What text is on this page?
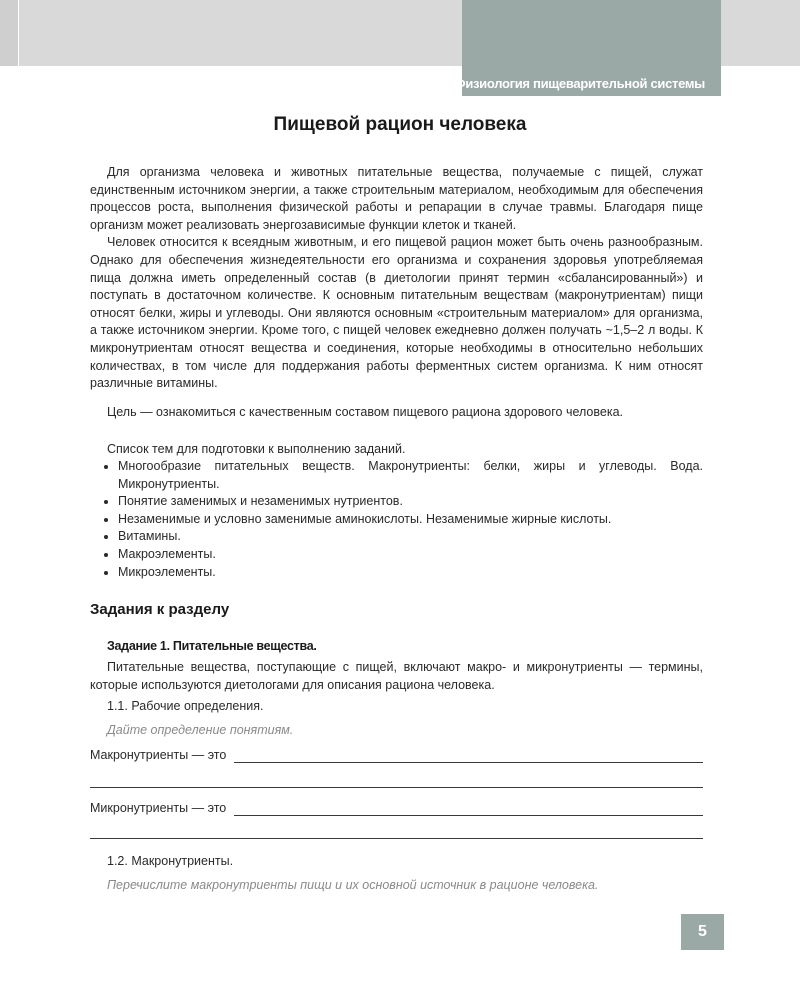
Физиология пищеварительной системы
Пищевой рацион человека

Для организма человека и животных питательные вещества, получаемые с пищей, служат единственным источником энергии, а также строительным материалом, необходимым для обеспечения процессов роста, выполнения физической работы и репарации в случае травмы. Благодаря пище организм может реализовать энергозависимые функции клеток и тканей.

Человек относится к всеядным животным, и его пищевой рацион может быть очень разнообразным. Однако для обеспечения жизнедеятельности его организма и сохранения здоровья употребляемая пища должна иметь определенный состав (в диетологии принят термин «сбалансированный») и поступать в достаточном количестве. К основным питательным веществам (макронутриентам) пищи относят белки, жиры и углеводы. Они являются основным «строительным материалом» для организма, а также источником энергии. Кроме того, с пищей человек ежедневно должен получать ~1,5–2 л воды. К микронутриентам относят вещества и соединения, которые необходимы в относительно небольших количествах, в том числе для поддержания работы ферментных систем организма. К ним относят различные витамины.

Цель — ознакомиться с качественным составом пищевого рациона здорового человека.

Список тем для подготовки к выполнению заданий.

• Многообразие питательных веществ. Макронутриенты: белки, жиры и углеводы. Вода. Микронутриенты.
• Понятие заменимых и незаменимых нутриентов.
• Незаменимые и условно заменимые аминокислоты. Незаменимые жирные кислоты.
• Витамины.
• Макроэлементы.
• Микроэлементы.
Задания к разделу
Задание 1. Питательные вещества.

Питательные вещества, поступающие с пищей, включают макро- и микронутриенты — термины, которые используются диетологами для описания рациона человека.

1.1. Рабочие определения.
Дайте определение понятиям.
Макронутриенты — это
Микронутриенты — это
1.2. Макронутриенты.
Перечислите макронутриенты пищи и их основной источник в рационе человека.
5
